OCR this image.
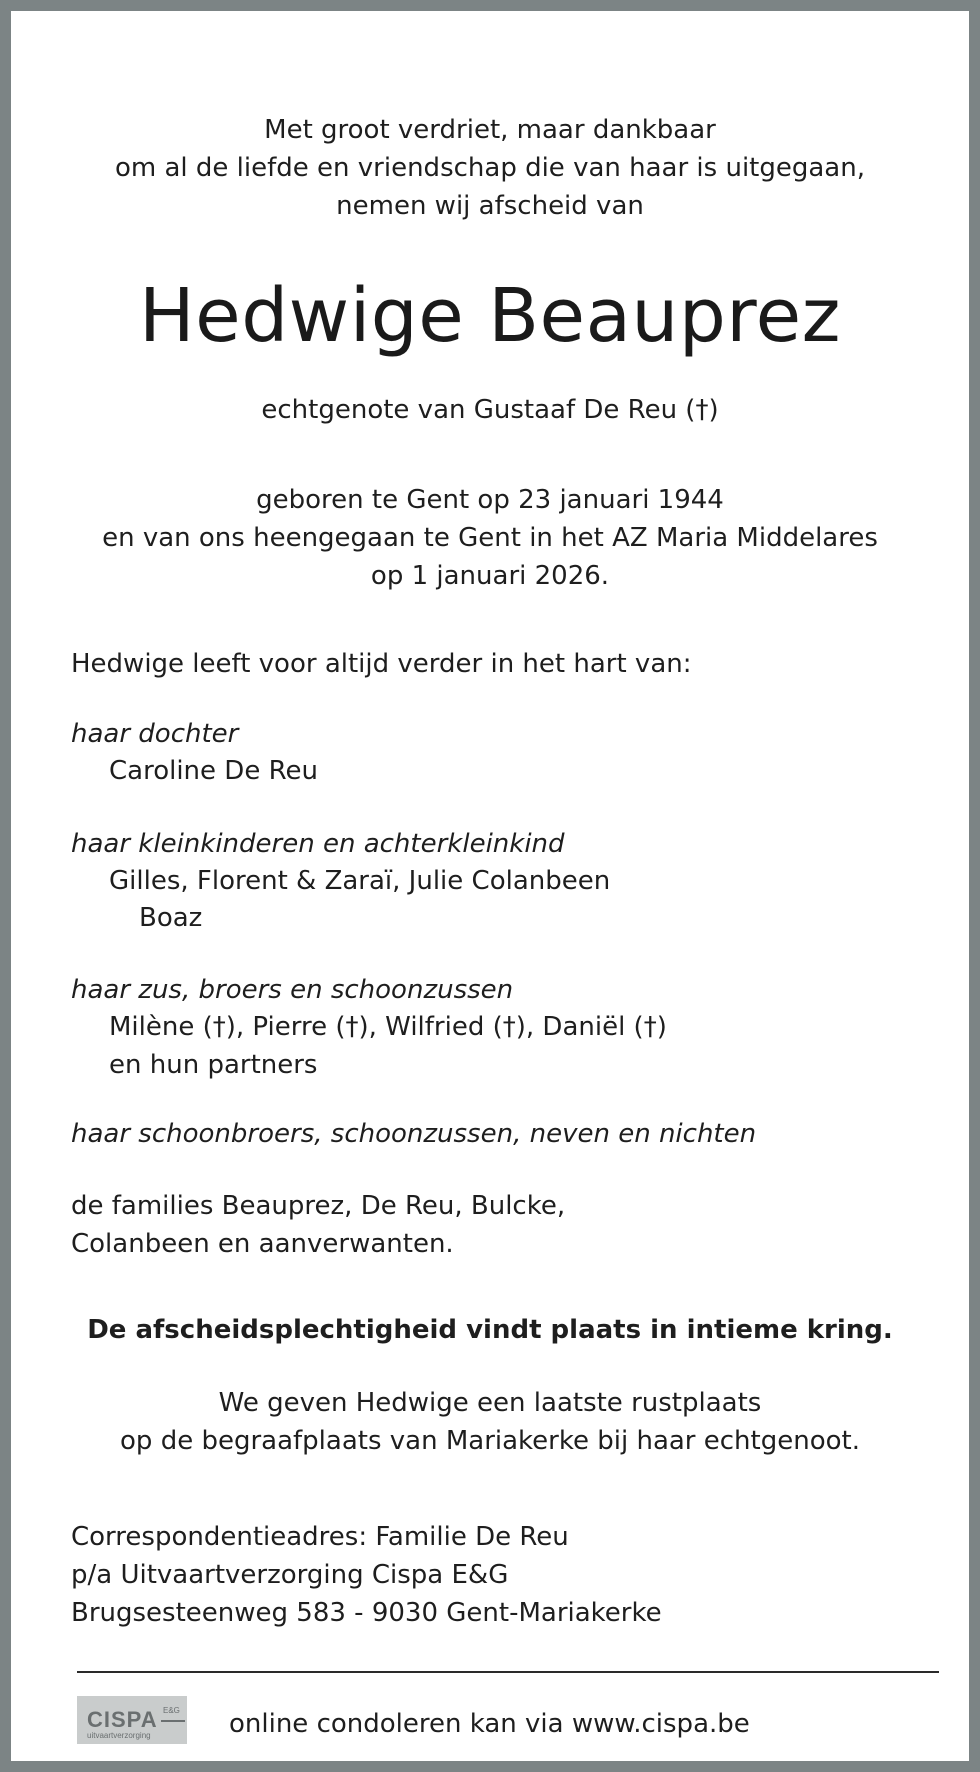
Met groot verdriet, maar dankbaar
om al de liefde en vriendschap die van haar is uitgegaan,
nemen wij afscheid van
Hedwige Beauprez
echtgenote van Gustaaf De Reu (†)
geboren te Gent op 23 januari 1944
en van ons heengegaan te Gent in het AZ Maria Middelares
op 1 januari 2026.
Hedwige leeft voor altijd verder in het hart van:
haar dochter
Caroline De Reu
haar kleinkinderen en achterkleinkind
Gilles, Florent & Zaraï, Julie Colanbeen
Boaz
haar zus, broers en schoonzussen
Milène (†), Pierre (†), Wilfried (†), Daniël (†)
en hun partners
haar schoonbroers, schoonzussen, neven en nichten
de families Beauprez, De Reu, Bulcke,
Colanbeen en aanverwanten.
De afscheidsplechtigheid vindt plaats in intieme kring.
We geven Hedwige een laatste rustplaats
op de begraafplaats van Mariakerke bij haar echtgenoot.
Correspondentieadres: Familie De Reu
p/a Uitvaartverzorging Cispa E&G
Brugsesteenweg 583 - 9030 Gent-Mariakerke
CISPA E&G
uitvaartverzorging	online condoleren kan via www.cispa.be
